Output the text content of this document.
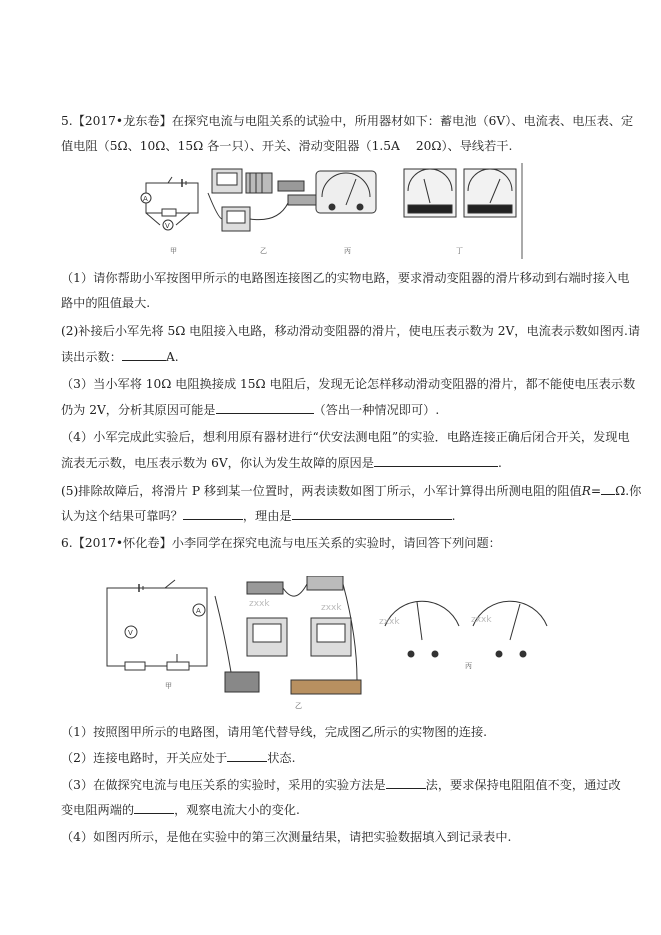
5.【2017•龙东卷】在探究电流与电阻关系的试验中，所用器材如下：蓄电池（6V）、电流表、电压表、定
值电阻（5Ω、10Ω、15Ω 各一只）、开关、滑动变阻器（1.5A　 20Ω）、导线若干.
A
V
甲	乙	丙	丁
（1）请你帮助小军按图甲所示的电路图连接图乙的实物电路，要求滑动变阻器的滑片移动到右端时接入电
路中的阻值最大.
(2)补接后小军先将 5Ω 电阻接入电路，移动滑动变阻器的滑片，使电压表示数为 2V，电流表示数如图丙.请
读出示数：	A.
（3）当小军将 10Ω 电阻换接成 15Ω 电阻后，发现无论怎样移动滑动变阻器的滑片，都不能使电压表示数
仍为 2V，分析其原因可能是	（答出一种情况即可）.
（4）小军完成此实验后，想利用原有器材进行“伏安法测电阻”的实验．电路连接正确后闭合开关，发现电
流表无示数，电压表示数为 6V，你认为发生故障的原因是	.
(5)排除故障后，将滑片 P 移到某一位置时，两表读数如图丁所示，小军计算得出所测电阻的阻值R= Ω.你
认为这个结果可靠吗？	，理由是	.
6.【2017•怀化卷】小李同学在探究电流与电压关系的实验时，请回答下列问题：
A
V
甲
乙
zxxk	zxxk
zxxk	zxxk
丙
（1）按照图甲所示的电路图，请用笔代替导线，完成图乙所示的实物图的连接.
（2）连接电路时，开关应处于	状态.
（3）在做探究电流与电压关系的实验时，采用的实验方法是	法，要求保持电阻阻值不变，通过改
变电阻两端的	，观察电流大小的变化.
（4）如图丙所示，是他在实验中的第三次测量结果，请把实验数据填入到记录表中.
